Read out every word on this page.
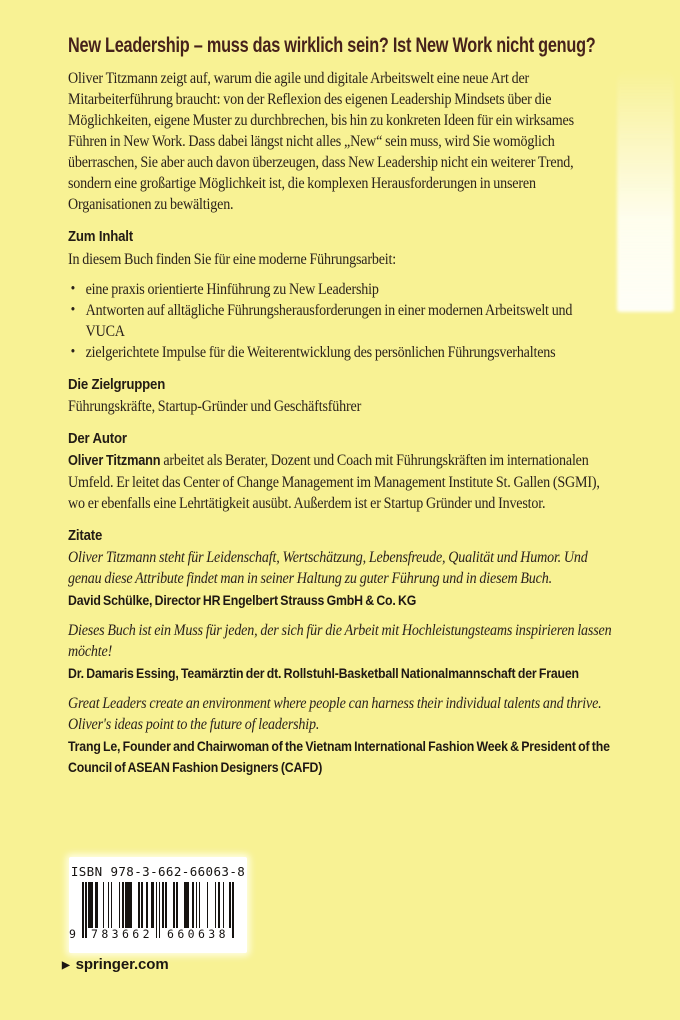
New Leadership – muss das wirklich sein? Ist New Work nicht genug?

Oliver Titzmann zeigt auf, warum die agile und digitale Arbeitswelt eine neue Art der Mitarbeiterführung braucht: von der Reflexion des eigenen Leadership Mindsets über die Möglichkeiten, eigene Muster zu durchbrechen, bis hin zu konkreten Ideen für ein wirksames Führen in New Work. Dass dabei längst nicht alles „New“ sein muss, wird Sie womöglich überraschen, Sie aber auch davon überzeugen, dass New Leadership nicht ein weiterer Trend, sondern eine großartige Möglichkeit ist, die komplexen Herausforderungen in unseren Organisationen zu bewältigen.

Zum Inhalt

In diesem Buch finden Sie für eine moderne Führungsarbeit:

• eine praxis orientierte Hinführung zu New Leadership
• Antworten auf alltägliche Führungsherausforderungen in einer modernen Arbeitswelt und VUCA
• zielgerichtete Impulse für die Weiterentwicklung des persönlichen Führungsverhaltens

Die Zielgruppen

Führungskräfte, Startup-Gründer und Geschäftsführer

Der Autor

Oliver Titzmann arbeitet als Berater, Dozent und Coach mit Führungskräften im internationalen Umfeld. Er leitet das Center of Change Management im Management Institute St. Gallen (SGMI), wo er ebenfalls eine Lehrtätigkeit ausübt. Außerdem ist er Startup Gründer und Investor.

Zitate

Oliver Titzmann steht für Leidenschaft, Wertschätzung, Lebensfreude, Qualität und Humor. Und genau diese Attribute findet man in seiner Haltung zu guter Führung und in diesem Buch.

David Schülke, Director HR Engelbert Strauss GmbH & Co. KG

Dieses Buch ist ein Muss für jeden, der sich für die Arbeit mit Hochleistungsteams inspirieren lassen möchte!

Dr. Damaris Essing, Teamärztin der dt. Rollstuhl-Basketball Nationalmannschaft der Frauen

Great Leaders create an environment where people can harness their individual talents and thrive. Oliver's ideas point to the future of leadership.

Trang Le, Founder and Chairwoman of the Vietnam International Fashion Week & President of the Council of ASEAN Fashion Designers (CAFD)

ISBN 978-3-662-66063-8
9 783662 660638
▶ springer.com
